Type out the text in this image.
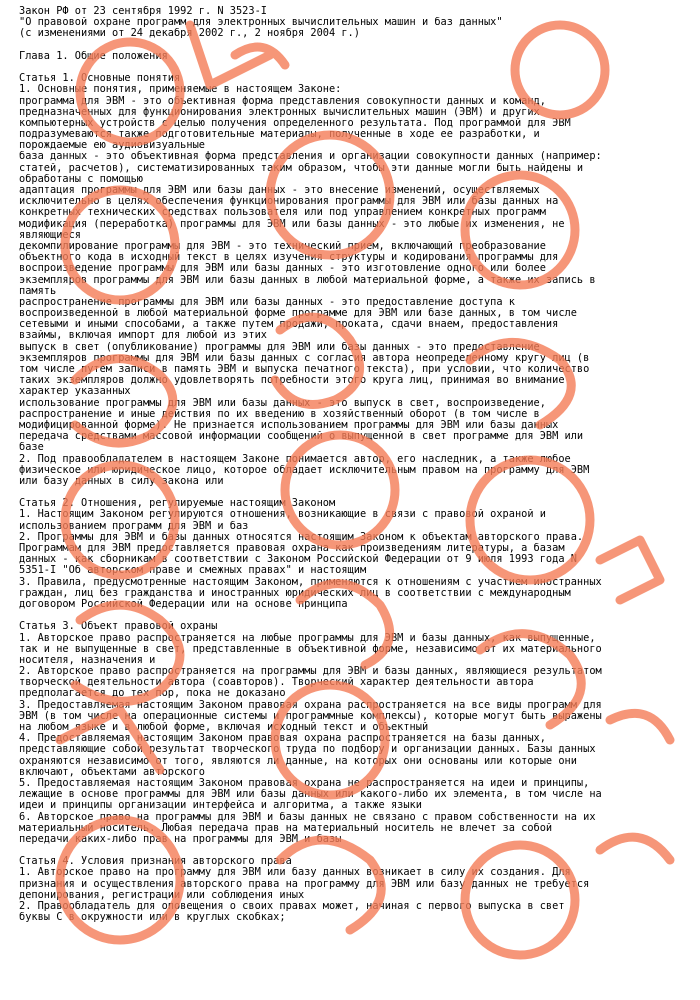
Закон РФ от 23 сентября 1992 г. N 3523-I
"О правовой охране программ для электронных вычислительных машин и баз данных"
(с изменениями от 24 декабря 2002 г., 2 ноября 2004 г.)
Глава 1. Общие положения
Статья 1. Основные понятия
1. Основные понятия, применяемые в настоящем Законе:
программа для ЭВМ - это объективная форма представления совокупности данных и команд,
предназначенных для функционирования электронных вычислительных машин (ЭВМ) и других
компьютерных устройств с целью получения определенного результата. Под программой для ЭВМ
подразумеваются также подготовительные материалы, полученные в ходе ее разработки, и
порождаемые ею аудиовизуальные
база данных - это объективная форма представления и организации совокупности данных (например:
статей, расчетов), систематизированных таким образом, чтобы эти данные могли быть найдены и
обработаны с помощью
адаптация программы для ЭВМ или базы данных - это внесение изменений, осуществляемых
исключительно в целях обеспечения функционирования программы для ЭВМ или базы данных на
конкретных технических средствах пользователя или под управлением конкретных программ
модификация (переработка) программы для ЭВМ или базы данных - это любые их изменения, не
являющиеся
декомпилирование программы для ЭВМ - это технический прием, включающий преобразование
объектного кода в исходный текст в целях изучения структуры и кодирования программы для
воспроизведение программы для ЭВМ или базы данных - это изготовление одного или более
экземпляров программы для ЭВМ или базы данных в любой материальной форме, а также их запись в
память
распространение программы для ЭВМ или базы данных - это предоставление доступа к
воспроизведенной в любой материальной форме программе для ЭВМ или базе данных, в том числе
сетевыми и иными способами, а также путем продажи, проката, сдачи внаем, предоставления
взаймы, включая импорт для любой из этих
выпуск в свет (опубликование) программы для ЭВМ или базы данных - это предоставление
экземпляров программы для ЭВМ или базы данных с согласия автора неопределенному кругу лиц (в
том числе путем записи в память ЭВМ и выпуска печатного текста), при условии, что количество
таких экземпляров должно удовлетворять потребности этого круга лиц, принимая во внимание
характер указанных
использование программы для ЭВМ или базы данных - это выпуск в свет, воспроизведение,
распространение и иные действия по их введению в хозяйственный оборот (в том числе в
модифицированной форме). Не признается использованием программы для ЭВМ или базы данных
передача средствами массовой информации сообщений о выпущенной в свет программе для ЭВМ или
базе
2. Под правообладателем в настоящем Законе понимается автор, его наследник, а также любое
физическое или юридическое лицо, которое обладает исключительным правом на программу для ЭВМ
или базу данных в силу закона или
Статья 2. Отношения, регулируемые настоящим Законом
1. Настоящим Законом регулируются отношения, возникающие в связи с правовой охраной и
использованием программ для ЭВМ и баз
2. Программы для ЭВМ и базы данных относятся настоящим Законом к объектам авторского права.
Программам для ЭВМ предоставляется правовая охрана как произведениям литературы, а базам
данных - как сборникам в соответствии с Законом Российской Федерации от 9 июля 1993 года N
5351-I "Об авторском праве и смежных правах" и настоящим
3. Правила, предусмотренные настоящим Законом, применяются к отношениям с участием иностранных
граждан, лиц без гражданства и иностранных юридических лиц в соответствии с международным
договором Российской Федерации или на основе принципа
Статья 3. Объект правовой охраны
1. Авторское право распространяется на любые программы для ЭВМ и базы данных, как выпущенные,
так и не выпущенные в свет, представленные в объективной форме, независимо от их материального
носителя, назначения и
2. Авторское право распространяется на программы для ЭВМ и базы данных, являющиеся результатом
творческой деятельности автора (соавторов). Творческий характер деятельности автора
предполагается до тех пор, пока не доказано
3. Предоставляемая настоящим Законом правовая охрана распространяется на все виды программ для
ЭВМ (в том числе на операционные системы и программные комплексы), которые могут быть выражены
на любом языке и в любой форме, включая исходный текст и объектный
4. Предоставляемая настоящим Законом правовая охрана распространяется на базы данных,
представляющие собой результат творческого труда по подбору и организации данных. Базы данных
охраняются независимо от того, являются ли данные, на которых они основаны или которые они
включают, объектами авторского
5. Предоставляемая настоящим Законом правовая охрана не распространяется на идеи и принципы,
лежащие в основе программы для ЭВМ или базы данных или какого-либо их элемента, в том числе на
идеи и принципы организации интерфейса и алгоритма, а также языки
6. Авторское право на программы для ЭВМ и базы данных не связано с правом собственности на их
материальный носитель. Любая передача прав на материальный носитель не влечет за собой
передачи каких-либо прав на программы для ЭВМ и базы
Статья 4. Условия признания авторского права
1. Авторское право на программу для ЭВМ или базу данных возникает в силу их создания. Для
признания и осуществления авторского права на программу для ЭВМ или базу данных не требуется
депонирования, регистрации или соблюдения иных
2. Правообладатель для оповещения о своих правах может, начиная с первого выпуска в свет
буквы C в окружности или в круглых скобках;
